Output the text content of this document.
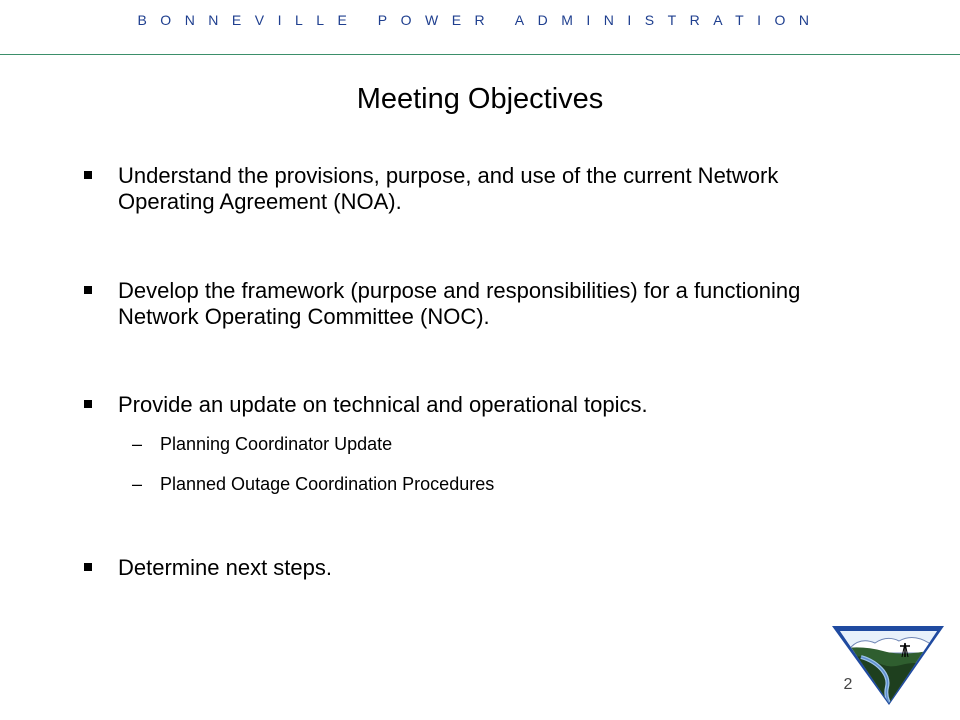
BONNEVILLE POWER ADMINISTRATION
Meeting Objectives
Understand the provisions, purpose, and use of the current Network Operating Agreement (NOA).
Develop the framework (purpose and responsibilities) for a functioning Network Operating Committee (NOC).
Provide an update on technical and operational topics.
– Planning Coordinator Update
– Planned Outage Coordination Procedures
Determine next steps.
2
